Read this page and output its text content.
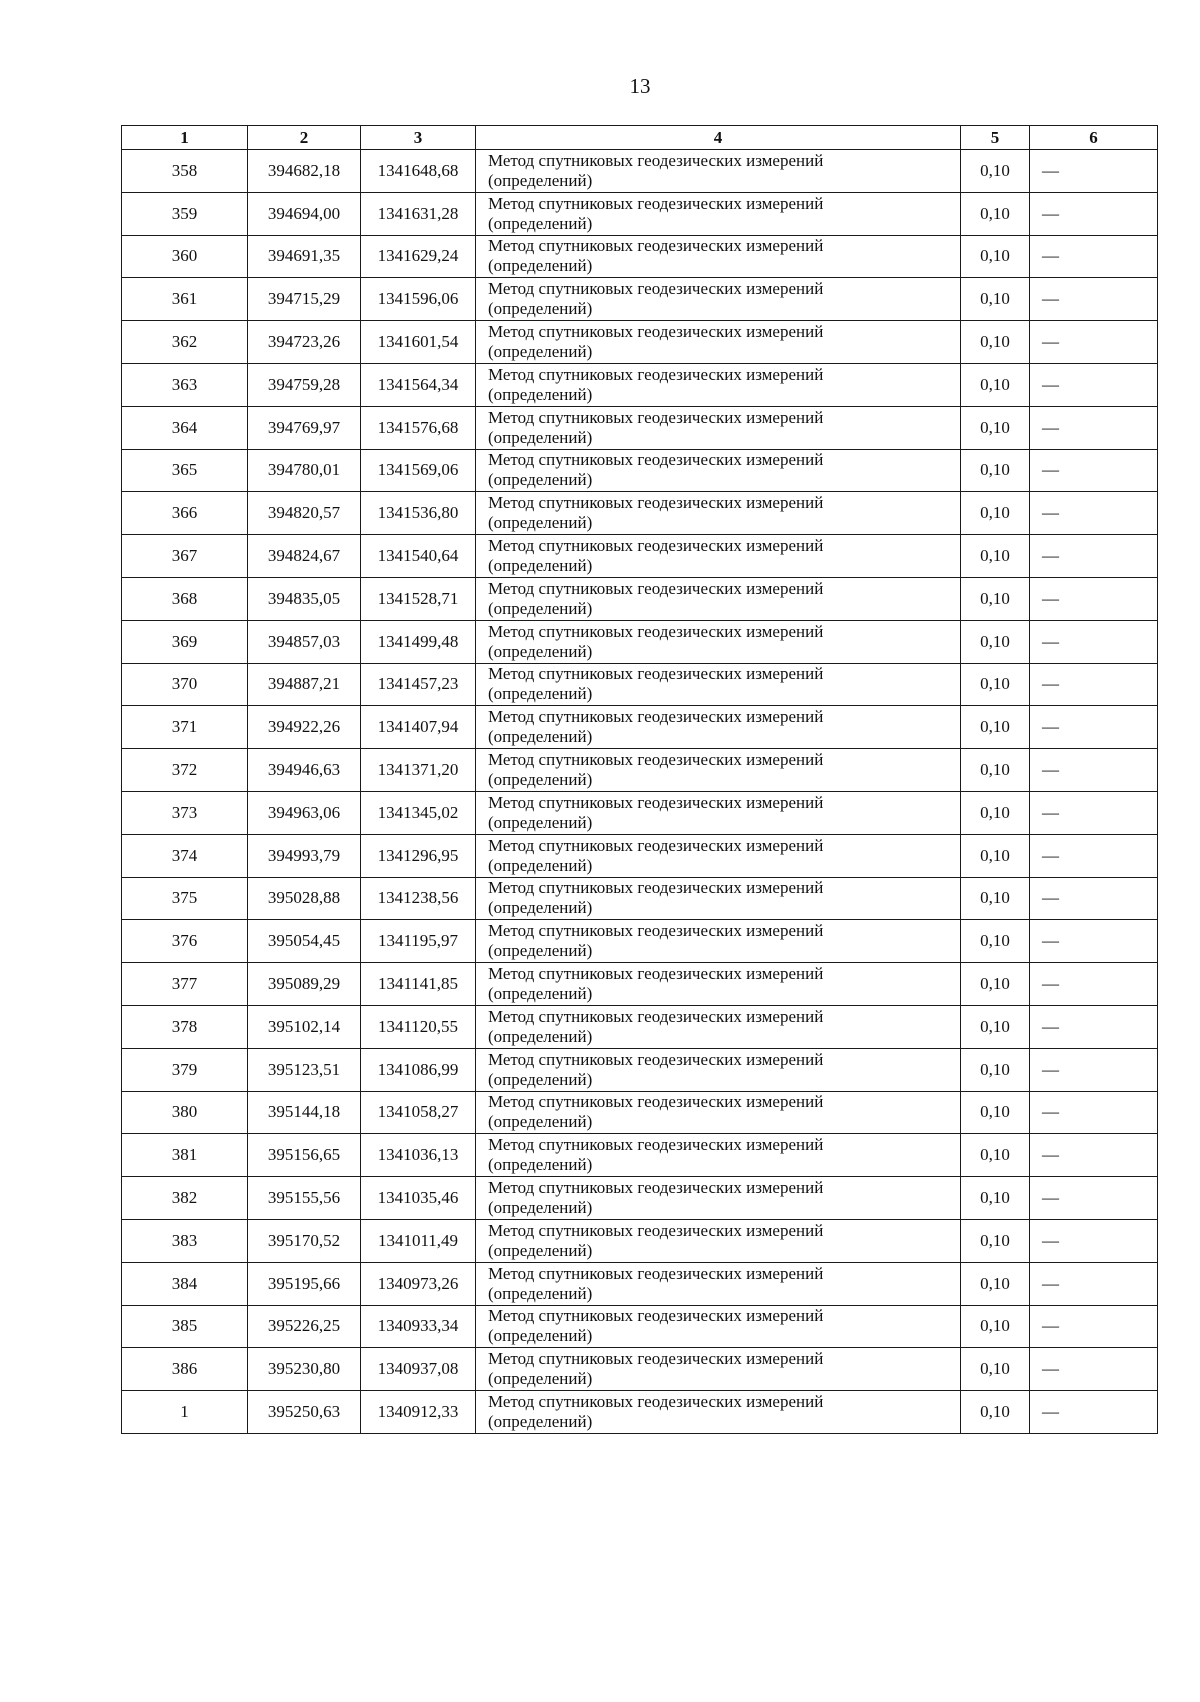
13
1	2	3	4	5	6
358	394682,18	1341648,68	Метод спутниковых геодезических измерений
(определений)	0,10	—
359	394694,00	1341631,28	Метод спутниковых геодезических измерений
(определений)	0,10	—
360	394691,35	1341629,24	Метод спутниковых геодезических измерений
(определений)	0,10	—
361	394715,29	1341596,06	Метод спутниковых геодезических измерений
(определений)	0,10	—
362	394723,26	1341601,54	Метод спутниковых геодезических измерений
(определений)	0,10	—
363	394759,28	1341564,34	Метод спутниковых геодезических измерений
(определений)	0,10	—
364	394769,97	1341576,68	Метод спутниковых геодезических измерений
(определений)	0,10	—
365	394780,01	1341569,06	Метод спутниковых геодезических измерений
(определений)	0,10	—
366	394820,57	1341536,80	Метод спутниковых геодезических измерений
(определений)	0,10	—
367	394824,67	1341540,64	Метод спутниковых геодезических измерений
(определений)	0,10	—
368	394835,05	1341528,71	Метод спутниковых геодезических измерений
(определений)	0,10	—
369	394857,03	1341499,48	Метод спутниковых геодезических измерений
(определений)	0,10	—
370	394887,21	1341457,23	Метод спутниковых геодезических измерений
(определений)	0,10	—
371	394922,26	1341407,94	Метод спутниковых геодезических измерений
(определений)	0,10	—
372	394946,63	1341371,20	Метод спутниковых геодезических измерений
(определений)	0,10	—
373	394963,06	1341345,02	Метод спутниковых геодезических измерений
(определений)	0,10	—
374	394993,79	1341296,95	Метод спутниковых геодезических измерений
(определений)	0,10	—
375	395028,88	1341238,56	Метод спутниковых геодезических измерений
(определений)	0,10	—
376	395054,45	1341195,97	Метод спутниковых геодезических измерений
(определений)	0,10	—
377	395089,29	1341141,85	Метод спутниковых геодезических измерений
(определений)	0,10	—
378	395102,14	1341120,55	Метод спутниковых геодезических измерений
(определений)	0,10	—
379	395123,51	1341086,99	Метод спутниковых геодезических измерений
(определений)	0,10	—
380	395144,18	1341058,27	Метод спутниковых геодезических измерений
(определений)	0,10	—
381	395156,65	1341036,13	Метод спутниковых геодезических измерений
(определений)	0,10	—
382	395155,56	1341035,46	Метод спутниковых геодезических измерений
(определений)	0,10	—
383	395170,52	1341011,49	Метод спутниковых геодезических измерений
(определений)	0,10	—
384	395195,66	1340973,26	Метод спутниковых геодезических измерений
(определений)	0,10	—
385	395226,25	1340933,34	Метод спутниковых геодезических измерений
(определений)	0,10	—
386	395230,80	1340937,08	Метод спутниковых геодезических измерений
(определений)	0,10	—
1	395250,63	1340912,33	Метод спутниковых геодезических измерений
(определений)	0,10	—
